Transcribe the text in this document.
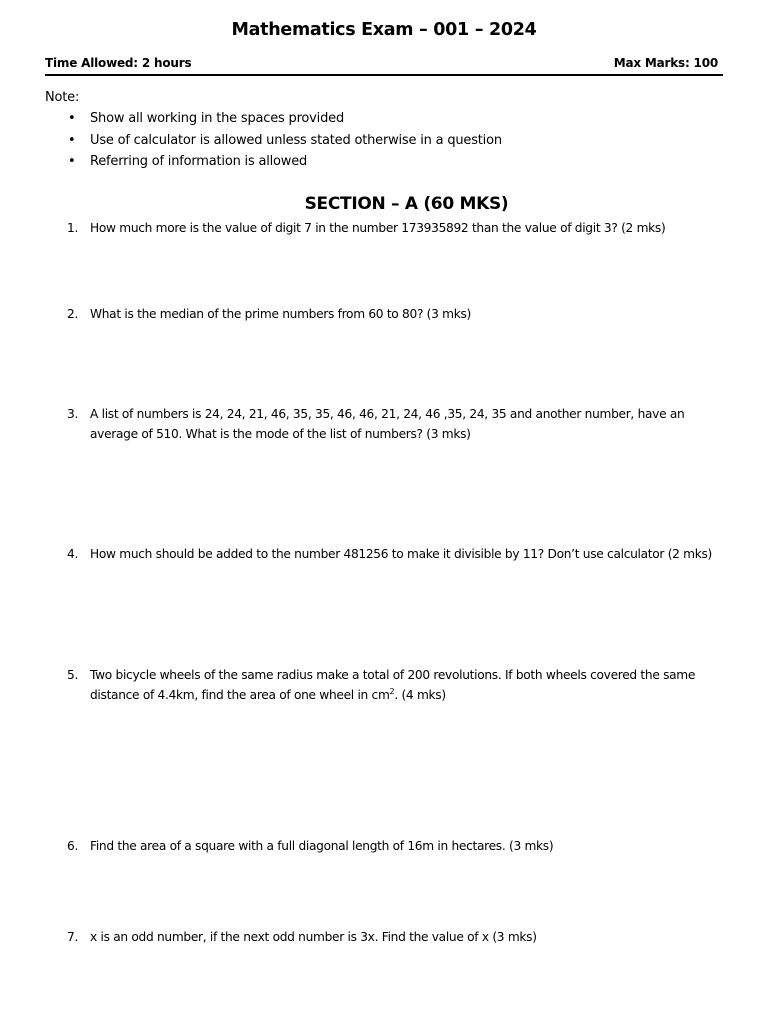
Mathematics Exam – 001 – 2024
Time Allowed: 2 hours	Max Marks: 100
Note:
• Show all working in the spaces provided
• Use of calculator is allowed unless stated otherwise in a question
• Referring of information is allowed
SECTION – A (60 MKS)
1. How much more is the value of digit 7 in the number 173935892 than the value of digit 3? (2 mks)
2. What is the median of the prime numbers from 60 to 80? (3 mks)
3. A list of numbers is 24, 24, 21, 46, 35, 35, 46, 46, 21, 24, 46 ,35, 24, 35 and another number, have an average of 510. What is the mode of the list of numbers? (3 mks)
4. How much should be added to the number 481256 to make it divisible by 11? Don’t use calculator (2 mks)
5. Two bicycle wheels of the same radius make a total of 200 revolutions. If both wheels covered the same distance of 4.4km, find the area of one wheel in $cm^2$. (4 mks)
6. Find the area of a square with a full diagonal length of 16m in hectares. (3 mks)
7. x is an odd number, if the next odd number is 3x. Find the value of x (3 mks)
